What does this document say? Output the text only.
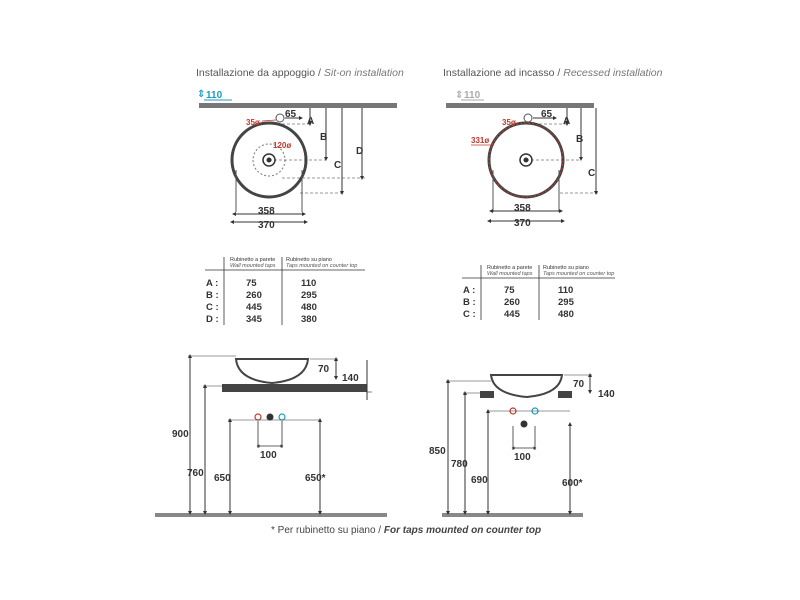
Installazione da appoggio / Sit-on installation	Installazione ad incasso / Recessed installation
⇕ 110
35ø
120ø
65
A
B
C
D
358
370
⇕ 110
35ø
331ø
65
A
B
C
358
370
Rubinetto a parete
Wall mounted taps
Rubinetto su piano
Taps mounted on counter top
A :	75	110
B :	260	295
C :	445	480
D :	345	380
Rubinetto a parete
Wall mounted taps
Rubinetto su piano
Taps mounted on counter top
A :	75	110
B :	260	295
C :	445	480
100
70
140
900
760 650	650*
100
70
140
850
780
690	600*
* Per rubinetto su piano / For taps mounted on counter top
